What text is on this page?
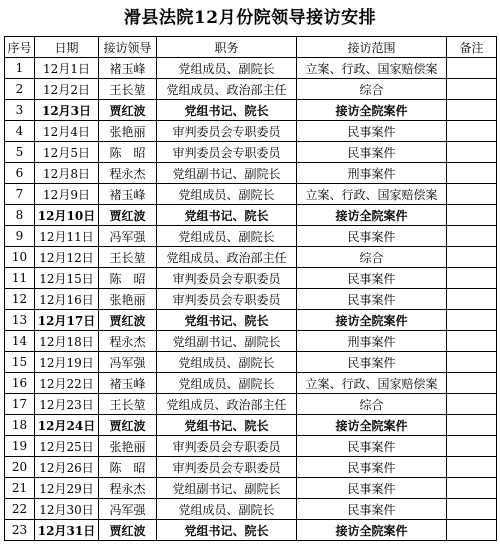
滑县法院12月份院领导接访安排
序号	日期	接访领导	职务	接访范围	备注
1	12月1日	褚玉峰	党组成员、副院长	立案、行政、国家赔偿案	
2	12月2日	王长堃	党组成员、政治部主任	综合	
3	12月3日	贾红波	党组书记、院长	接访全院案件	
4	12月4日	张艳丽	审判委员会专职委员	民事案件	
5	12月5日	陈　昭	审判委员会专职委员	民事案件	
6	12月8日	程永杰	党组副书记、副院长	刑事案件	
7	12月9日	褚玉峰	党组成员、副院长	立案、行政、国家赔偿案	
8	12月10日	贾红波	党组书记、院长	接访全院案件	
9	12月11日	冯军强	党组成员、副院长	民事案件	
10	12月12日	王长堃	党组成员、政治部主任	综合	
11	12月15日	陈　昭	审判委员会专职委员	民事案件	
12	12月16日	张艳丽	审判委员会专职委员	民事案件	
13	12月17日	贾红波	党组书记、院长	接访全院案件	
14	12月18日	程永杰	党组副书记、副院长	刑事案件	
15	12月19日	冯军强	党组成员、副院长	民事案件	
16	12月22日	褚玉峰	党组成员、副院长	立案、行政、国家赔偿案	
17	12月23日	王长堃	党组成员、政治部主任	综合	
18	12月24日	贾红波	党组书记、院长	接访全院案件	
19	12月25日	张艳丽	审判委员会专职委员	民事案件	
20	12月26日	陈　昭	审判委员会专职委员	民事案件	
21	12月29日	程永杰	党组副书记、副院长	民事案件	
22	12月30日	冯军强	党组成员、副院长	民事案件	
23	12月31日	贾红波	党组书记、院长	接访全院案件	
